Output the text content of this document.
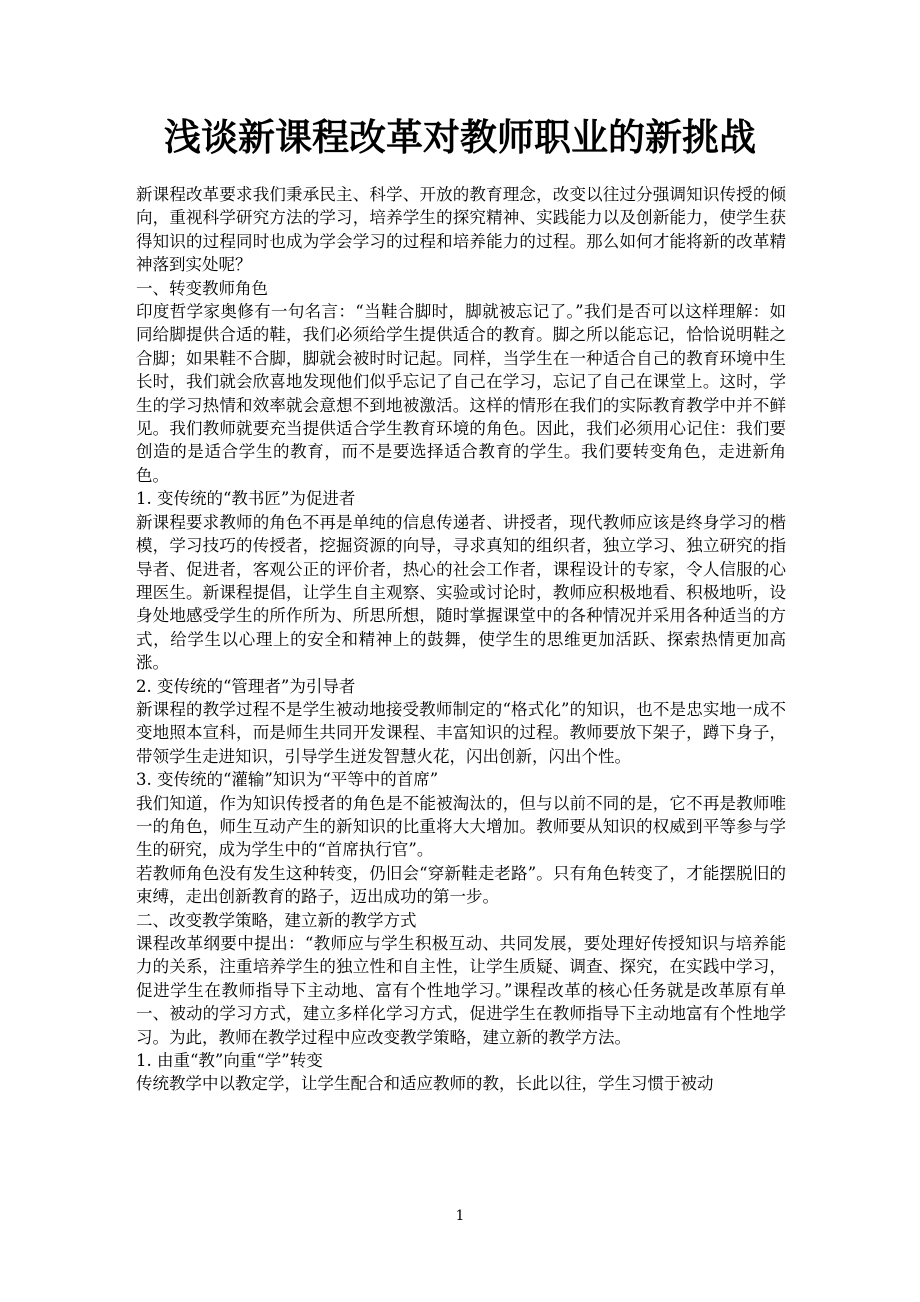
浅谈新课程改革对教师职业的新挑战

新课程改革要求我们秉承民主、科学、开放的教育理念，改变以往过分强调知识传授的倾向，重视科学研究方法的学习，培养学生的探究精神、实践能力以及创新能力，使学生获得知识的过程同时也成为学会学习的过程和培养能力的过程。那么如何才能将新的改革精神落到实处呢？

一、转变教师角色

印度哲学家奥修有一句名言：“当鞋合脚时，脚就被忘记了。”我们是否可以这样理解：如同给脚提供合适的鞋，我们必须给学生提供适合的教育。脚之所以能忘记，恰恰说明鞋之合脚；如果鞋不合脚，脚就会被时时记起。同样，当学生在一种适合自己的教育环境中生长时，我们就会欣喜地发现他们似乎忘记了自己在学习，忘记了自己在课堂上。这时，学生的学习热情和效率就会意想不到地被激活。这样的情形在我们的实际教育教学中并不鲜见。我们教师就要充当提供适合学生教育环境的角色。因此，我们必须用心记住：我们要创造的是适合学生的教育，而不是要选择适合教育的学生。我们要转变角色，走进新角色。

1. 变传统的“教书匠”为促进者

新课程要求教师的角色不再是单纯的信息传递者、讲授者，现代教师应该是终身学习的楷模，学习技巧的传授者，挖掘资源的向导，寻求真知的组织者，独立学习、独立研究的指导者、促进者，客观公正的评价者，热心的社会工作者，课程设计的专家，令人信服的心理医生。新课程提倡，让学生自主观察、实验或讨论时，教师应积极地看、积极地听，设身处地感受学生的所作所为、所思所想，随时掌握课堂中的各种情况并采用各种适当的方式，给学生以心理上的安全和精神上的鼓舞，使学生的思维更加活跃、探索热情更加高涨。

2. 变传统的“管理者”为引导者

新课程的教学过程不是学生被动地接受教师制定的“格式化”的知识，也不是忠实地一成不变地照本宣科，而是师生共同开发课程、丰富知识的过程。教师要放下架子，蹲下身子，带领学生走进知识，引导学生迸发智慧火花，闪出创新，闪出个性。

3. 变传统的“灌输”知识为“平等中的首席”

我们知道，作为知识传授者的角色是不能被淘汰的，但与以前不同的是，它不再是教师唯一的角色，师生互动产生的新知识的比重将大大增加。教师要从知识的权威到平等参与学生的研究，成为学生中的“首席执行官”。

若教师角色没有发生这种转变，仍旧会“穿新鞋走老路”。只有角色转变了，才能摆脱旧的束缚，走出创新教育的路子，迈出成功的第一步。

二、改变教学策略，建立新的教学方式

课程改革纲要中提出：“教师应与学生积极互动、共同发展，要处理好传授知识与培养能力的关系，注重培养学生的独立性和自主性，让学生质疑、调查、探究，在实践中学习，促进学生在教师指导下主动地、富有个性地学习。”课程改革的核心任务就是改革原有单一、被动的学习方式，建立多样化学习方式，促进学生在教师指导下主动地富有个性地学习。为此，教师在教学过程中应改变教学策略，建立新的教学方法。

1. 由重“教”向重“学”转变

传统教学中以教定学，让学生配合和适应教师的教，长此以往，学生习惯于被动

1
